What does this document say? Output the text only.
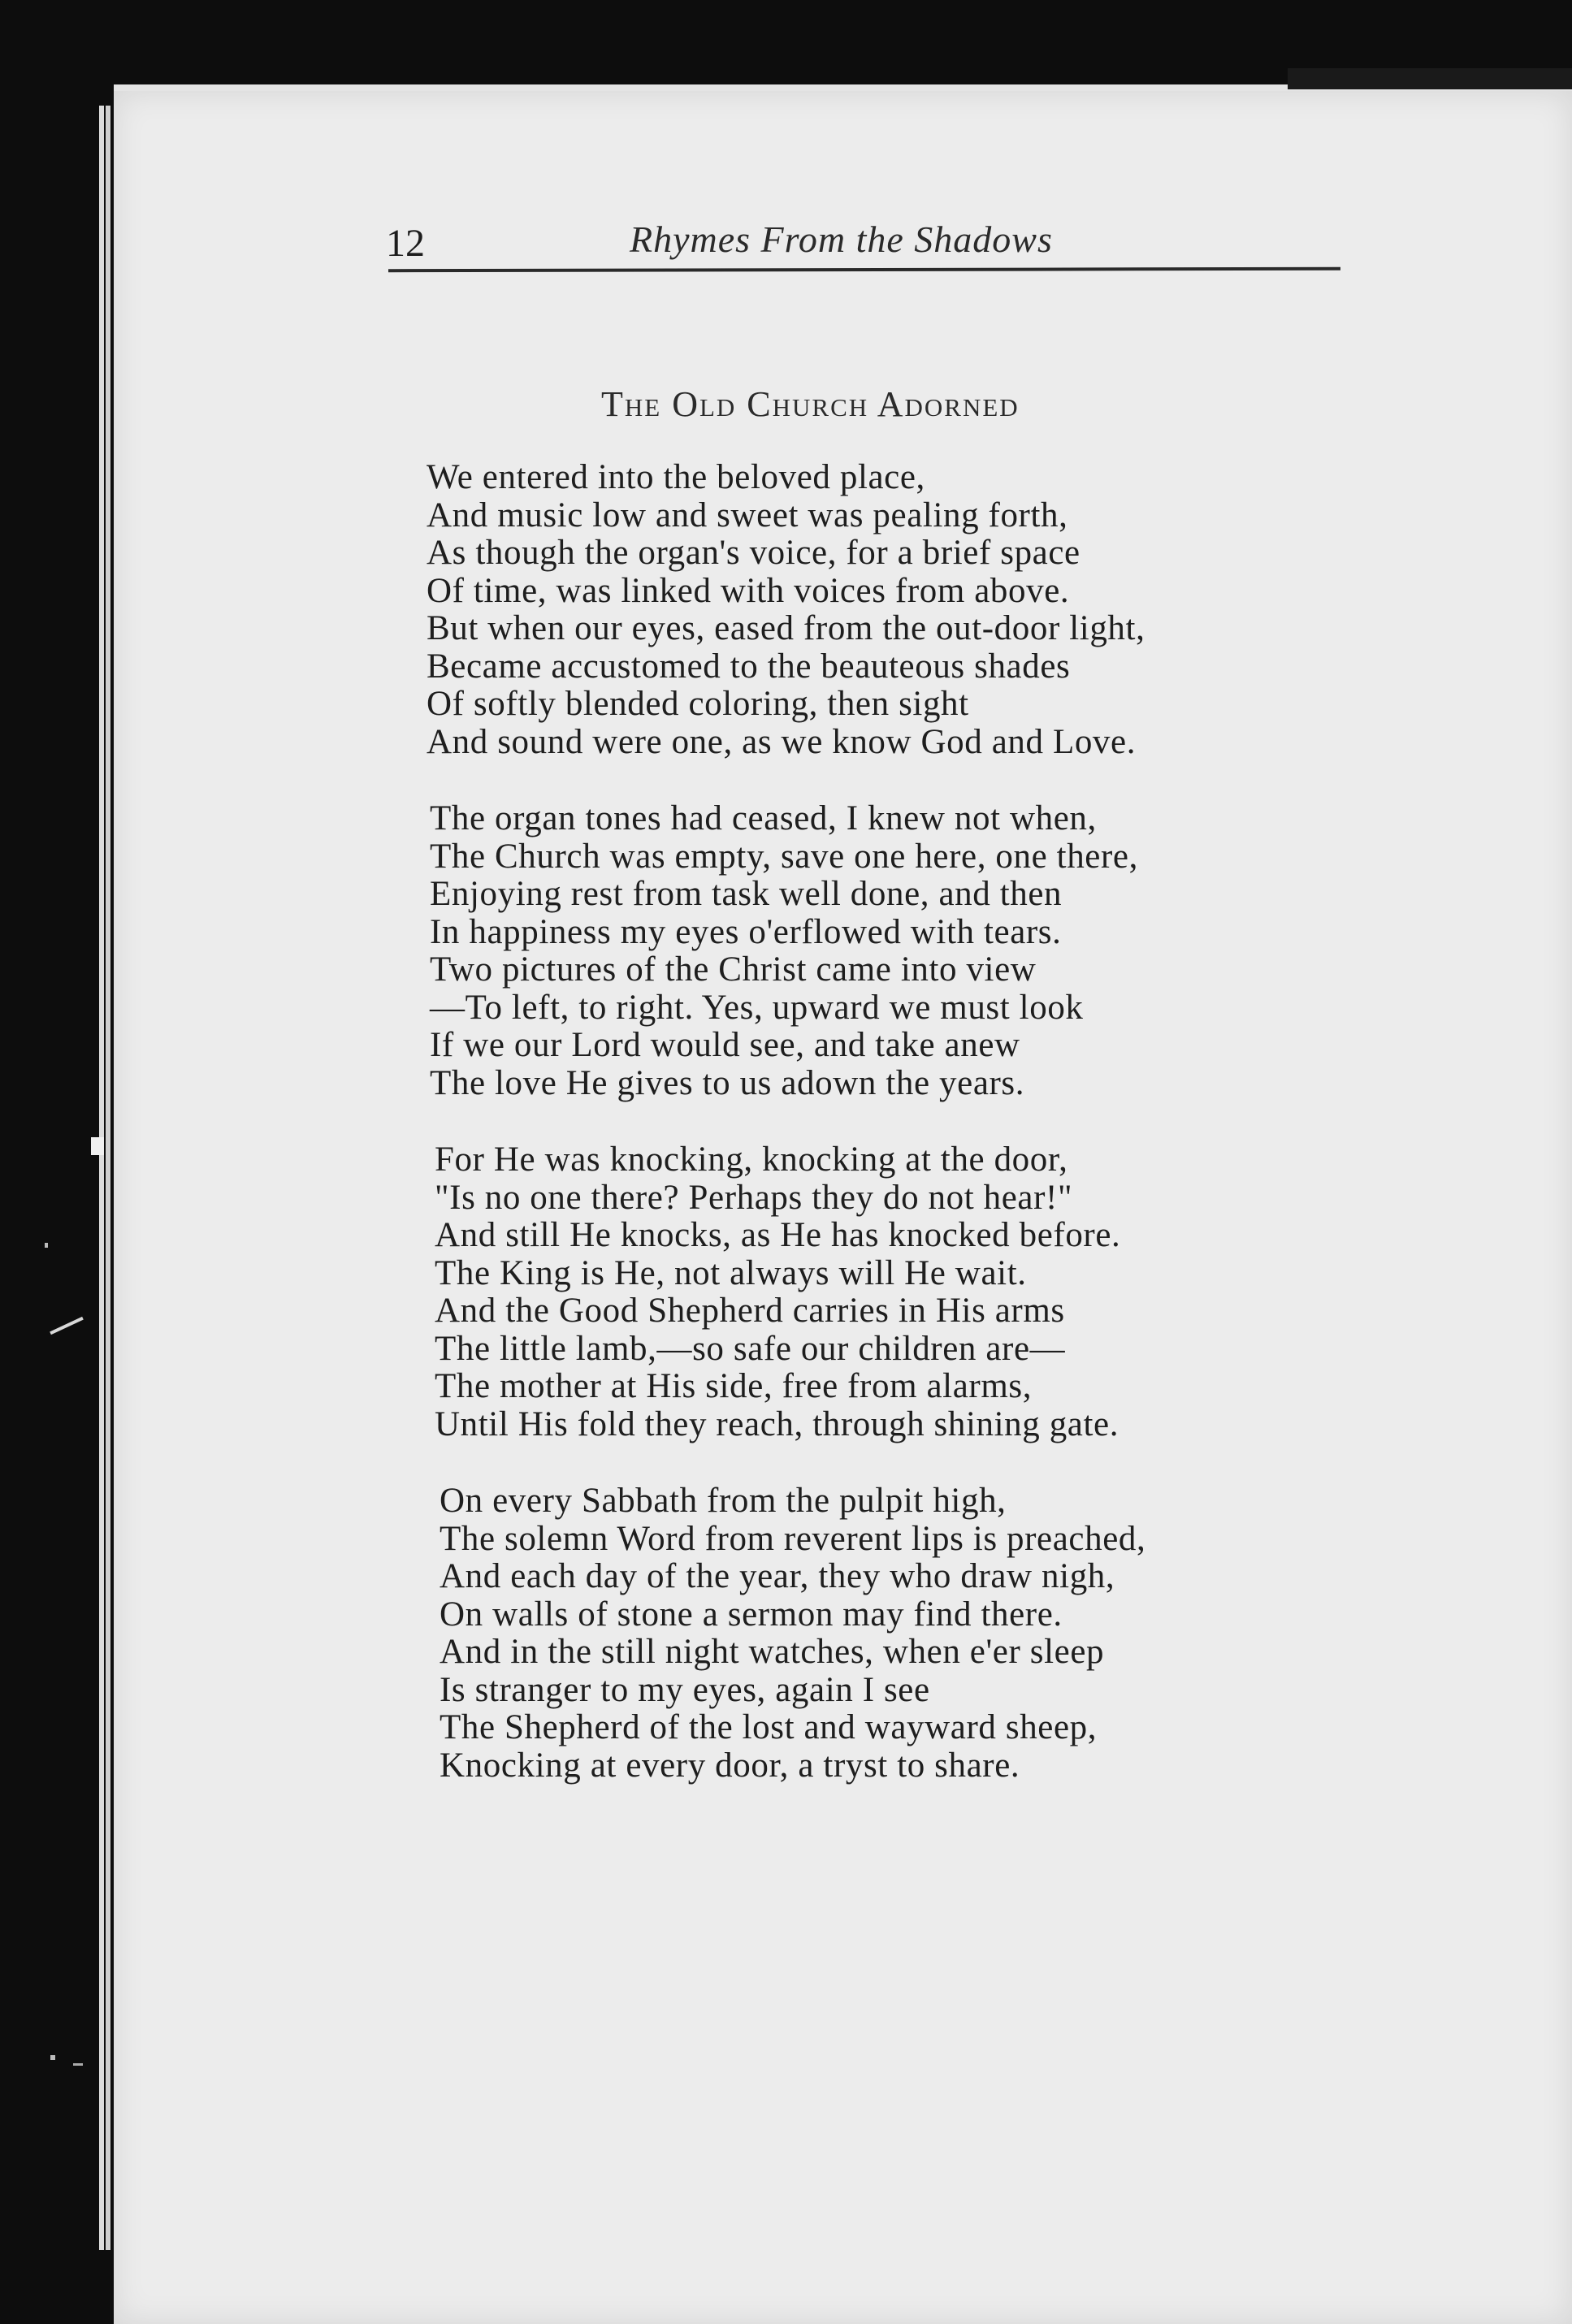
12	Rhymes From the Shadows
The Old Church Adorned
We entered into the beloved place,
And music low and sweet was pealing forth,
As though the organ's voice, for a brief space
Of time, was linked with voices from above.
But when our eyes, eased from the out-door light,
Became accustomed to the beauteous shades
Of softly blended coloring, then sight
And sound were one, as we know God and Love.
The organ tones had ceased, I knew not when,
The Church was empty, save one here, one there,
Enjoying rest from task well done, and then
In happiness my eyes o'erflowed with tears.
Two pictures of the Christ came into view
—To left, to right. Yes, upward we must look
If we our Lord would see, and take anew
The love He gives to us adown the years.
For He was knocking, knocking at the door,
"Is no one there? Perhaps they do not hear!"
And still He knocks, as He has knocked before.
The King is He, not always will He wait.
And the Good Shepherd carries in His arms
The little lamb,—so safe our children are—
The mother at His side, free from alarms,
Until His fold they reach, through shining gate.
On every Sabbath from the pulpit high,
The solemn Word from reverent lips is preached,
And each day of the year, they who draw nigh,
On walls of stone a sermon may find there.
And in the still night watches, when e'er sleep
Is stranger to my eyes, again I see
The Shepherd of the lost and wayward sheep,
Knocking at every door, a tryst to share.
